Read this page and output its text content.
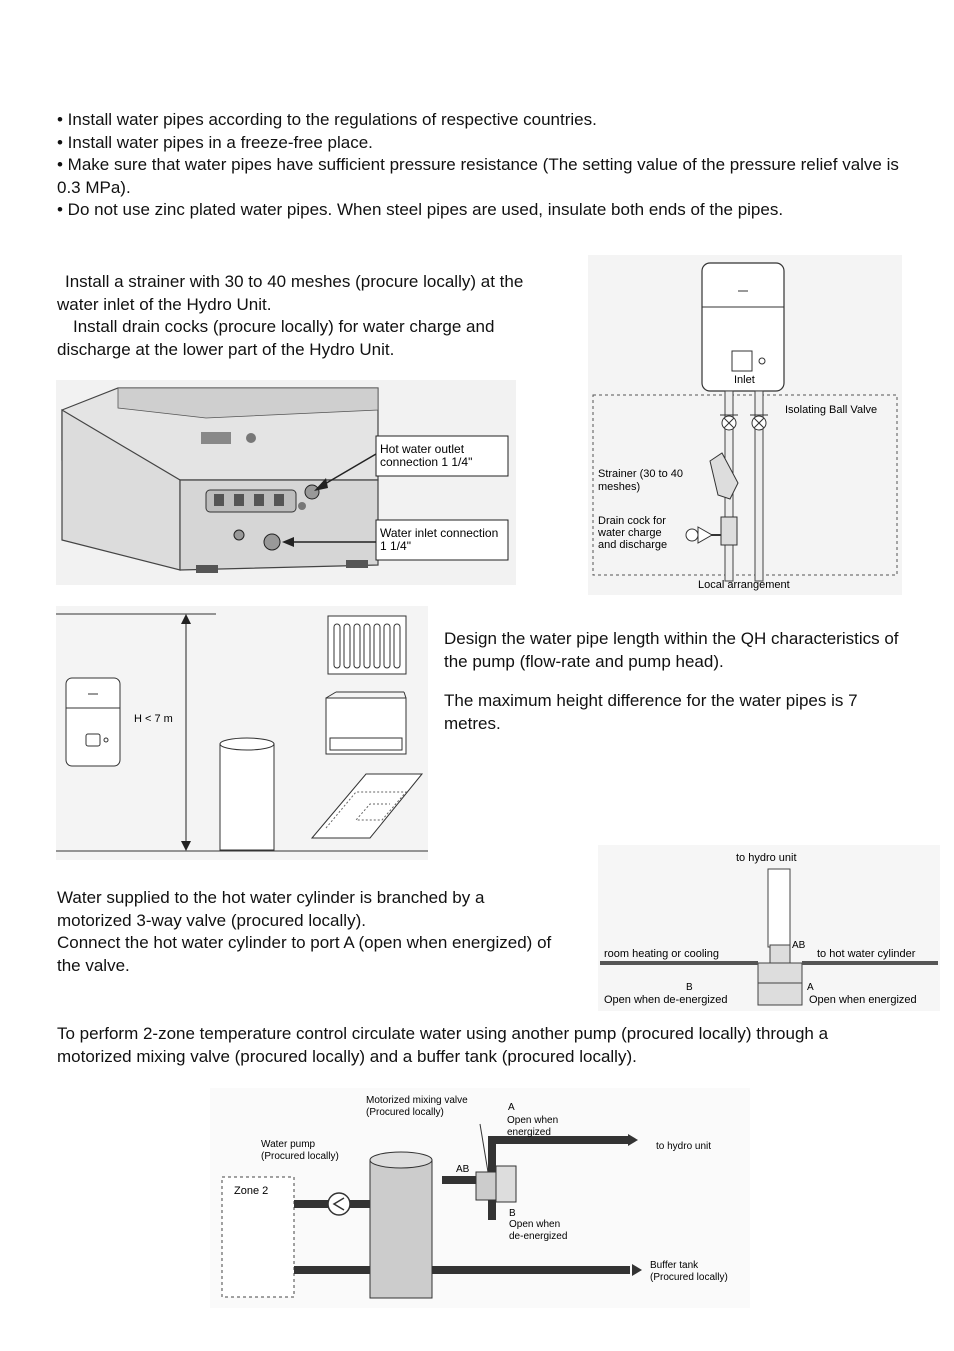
• Install water pipes according to the regulations of respective countries.

• Install water pipes in a freeze-free place.

• Make sure that water pipes have sufficient pressure resistance (The setting value of the pressure relief valve is 0.3 MPa).

• Do not use zinc plated water pipes. When steel pipes are used, insulate both ends of the pipes.

Install a strainer with 30 to 40 meshes (procure locally) at the water inlet of the Hydro Unit.

Install drain cocks (procure locally) for water charge and discharge at the lower part of the Hydro Unit.

Hot water outlet
connection 1 1/4"
Water inlet connection
1 1/4"
Inlet
Isolating Ball Valve
Strainer (30 to 40
meshes)
Drain cock for
water charge
and discharge
Local arrangement
H < 7 m

Design the water pipe length within the QH characteristics of the pump (flow-rate and pump head).

The maximum height difference for the water pipes is 7 metres.

Water supplied to the hot water cylinder is branched by a motorized 3-way valve (procured locally).

Connect the hot water cylinder to port A (open when energized) of the valve.

to hydro unit
AB
room heating or cooling	to hot water cylinder
B	A
Open when de-energized	Open when energized
To perform 2-zone temperature control circulate water using another pump (procured locally) through a motorized mixing valve (procured locally) and a buffer tank (procured locally).
Zone 2
Motorized mixing valve
(Procured locally)	A
Open when
energized
to hydro unit
Water pump
(Procured locally)
AB
B
Open when
de-energized
Buffer tank
(Procured locally)
